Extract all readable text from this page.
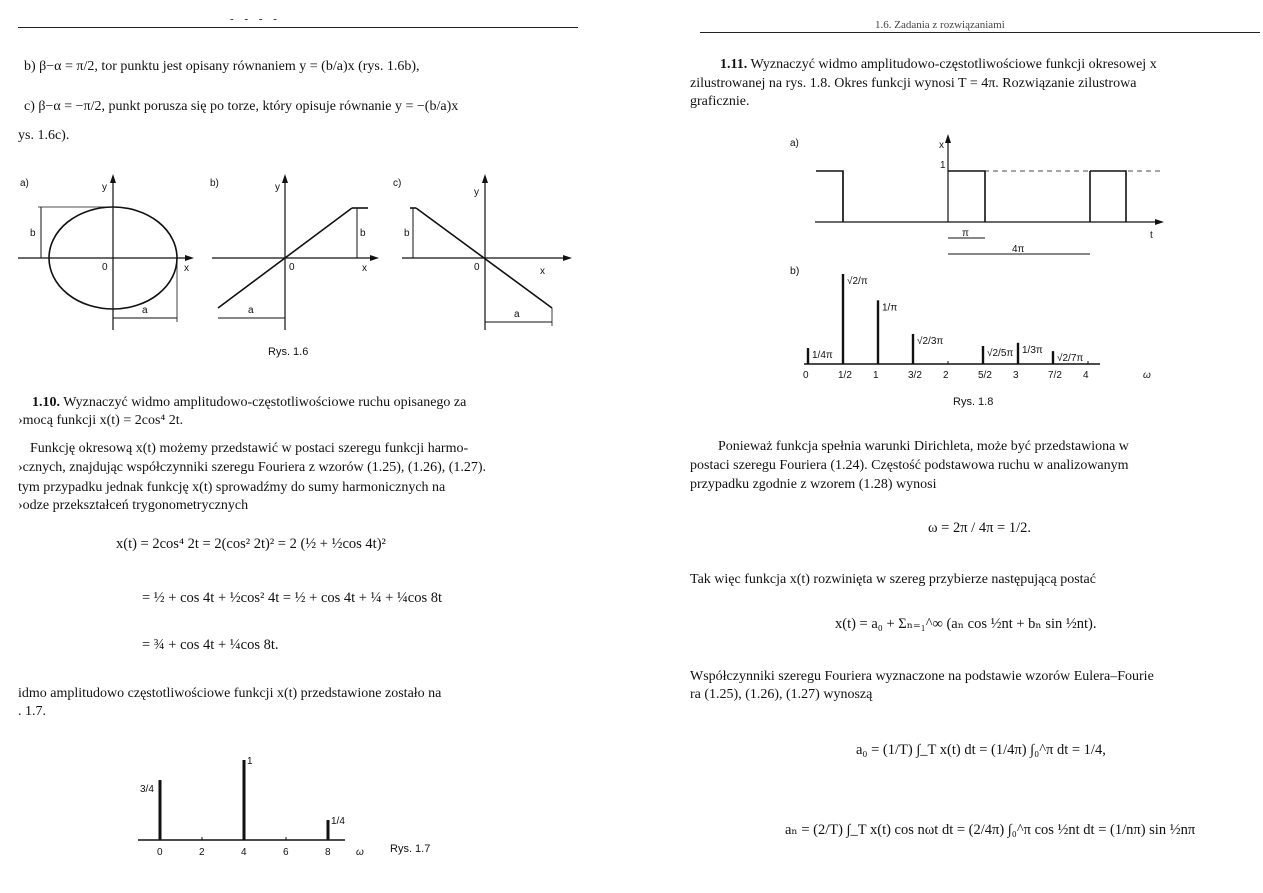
- - - -
b) β−α = π/2, tor punktu jest opisany równaniem y = (b/a)x (rys. 1.6b),
c) β−α = −π/2, punkt porusza się po torze, który opisuje równanie y = −(b/a)x
ys. 1.6c).
a)
b
a
0
y
x
b)
b
a
0
y
x
c)
b
a
0
y
x
Rys. 1.6
1.10. Wyznaczyć widmo amplitudowo-częstotliwościowe ruchu opisanego za
›mocą funkcji x(t) = 2cos⁴ 2t.
Funkcję okresową x(t) możemy przedstawić w postaci szeregu funkcji harmo-
›cznych, znajdując współczynniki szeregu Fouriera z wzorów (1.25), (1.26), (1.27).
tym przypadku jednak funkcję x(t) sprowadźmy do sumy harmonicznych na
›odze przekształceń trygonometrycznych
x(t) = 2cos⁴ 2t = 2(cos² 2t)² = 2 (½ + ½cos 4t)²
= ½ + cos 4t + ½cos² 4t = ½ + cos 4t + ¼ + ¼cos 8t
= ¾ + cos 4t + ¼cos 8t.
idmo amplitudowo częstotliwościowe funkcji x(t) przedstawione zostało na
. 1.7.
3/4
1
1/4
0	2	4	6	8	ω Rys. 1.7
1.6. Zadania z rozwiązaniami
1.11. Wyznaczyć widmo amplitudowo-częstotliwościowe funkcji okresowej x
zilustrowanej na rys. 1.8. Okres funkcji wynosi T = 4π. Rozwiązanie zilustrowa
graficznie.
a)	x
1
t
π
4π
b)
1/4π
√2/π
1/π
√2/3π
√2/5π 1/3π
√2/7π
0	1/2 1	3/2 2	5/2 3	7/2 4	ω
Rys. 1.8
Ponieważ funkcja spełnia warunki Dirichleta, może być przedstawiona w
postaci szeregu Fouriera (1.24). Częstość podstawowa ruchu w analizowanym
przypadku zgodnie z wzorem (1.28) wynosi
ω = 2π / 4π = 1/2.
Tak więc funkcja x(t) rozwinięta w szereg przybierze następującą postać
x(t) = a₀ + Σₙ₌₁^∞ (aₙ cos ½nt + bₙ sin ½nt).
Współczynniki szeregu Fouriera wyznaczone na podstawie wzorów Eulera–Fourie
ra (1.25), (1.26), (1.27) wynoszą
a₀ = (1/T) ∫_T x(t) dt = (1/4π) ∫₀^π dt = 1/4,
aₙ = (2/T) ∫_T x(t) cos nωt dt = (2/4π) ∫₀^π cos ½nt dt = (1/nπ) sin ½nπ
